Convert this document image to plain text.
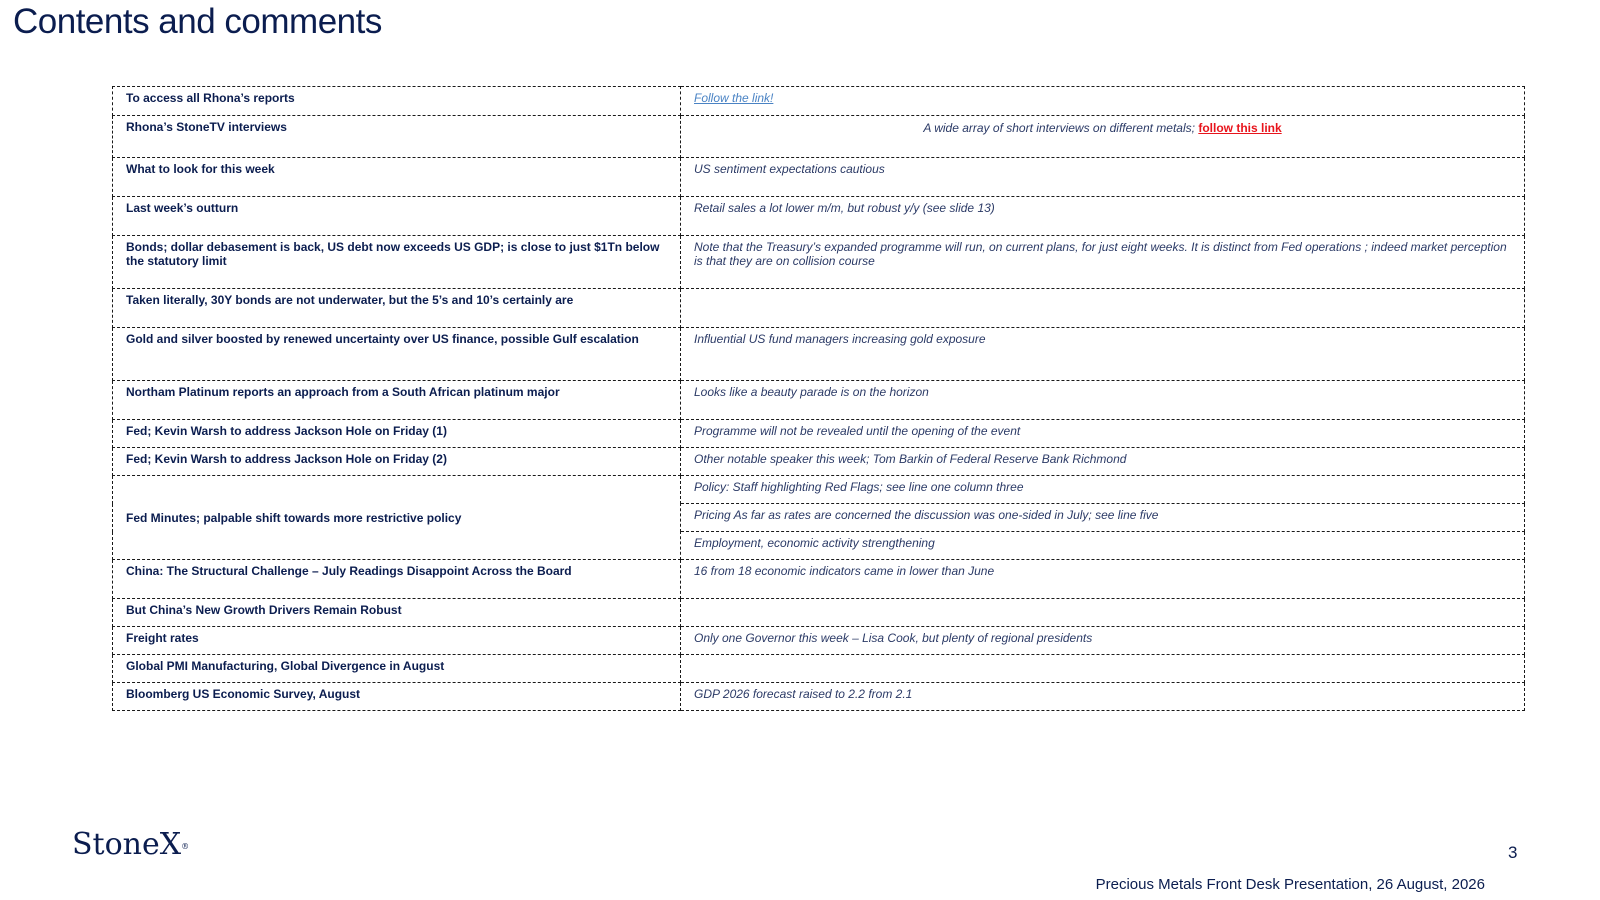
Contents and comments
To access all Rhona’s reports	Follow the link!
Rhona’s StoneTV interviews	A wide array of short interviews on different metals; follow this link
What to look for this week	US sentiment expectations cautious
Last week’s outturn	Retail sales a lot lower m/m, but robust y/y (see slide 13)
Bonds; dollar debasement is back, US debt now exceeds US GDP; is close to just $1Tn below the statutory limit	Note that the Treasury’s expanded programme will run, on current plans, for just eight weeks. It is distinct from Fed operations ; indeed market perception is that they are on collision course
Taken literally, 30Y bonds are not underwater, but the 5’s and 10’s certainly are	
Gold and silver boosted by renewed uncertainty over US finance, possible Gulf escalation	Influential US fund managers increasing gold exposure
Northam Platinum reports an approach from a South African platinum major	Looks like a beauty parade is on the horizon
Fed; Kevin Warsh to address Jackson Hole on Friday (1)	Programme will not be revealed until the opening of the event
Fed; Kevin Warsh to address Jackson Hole on Friday (2)	Other notable speaker this week; Tom Barkin of Federal Reserve Bank Richmond
Fed Minutes; palpable shift towards more restrictive policy	Policy: Staff highlighting Red Flags; see line one column three
	Pricing As far as rates are concerned the discussion was one-sided in July; see line five
	Employment, economic activity strengthening
China: The Structural Challenge – July Readings Disappoint Across the Board	16 from 18 economic indicators came in lower than June
But China’s New Growth Drivers Remain Robust	
Freight rates	Only one Governor this week – Lisa Cook, but plenty of regional presidents
Global PMI Manufacturing, Global Divergence in August	
Bloomberg US Economic Survey, August	GDP 2026 forecast raised to 2.2 from 2.1
StoneX®	3
Precious Metals Front Desk Presentation, 26 August, 2026
